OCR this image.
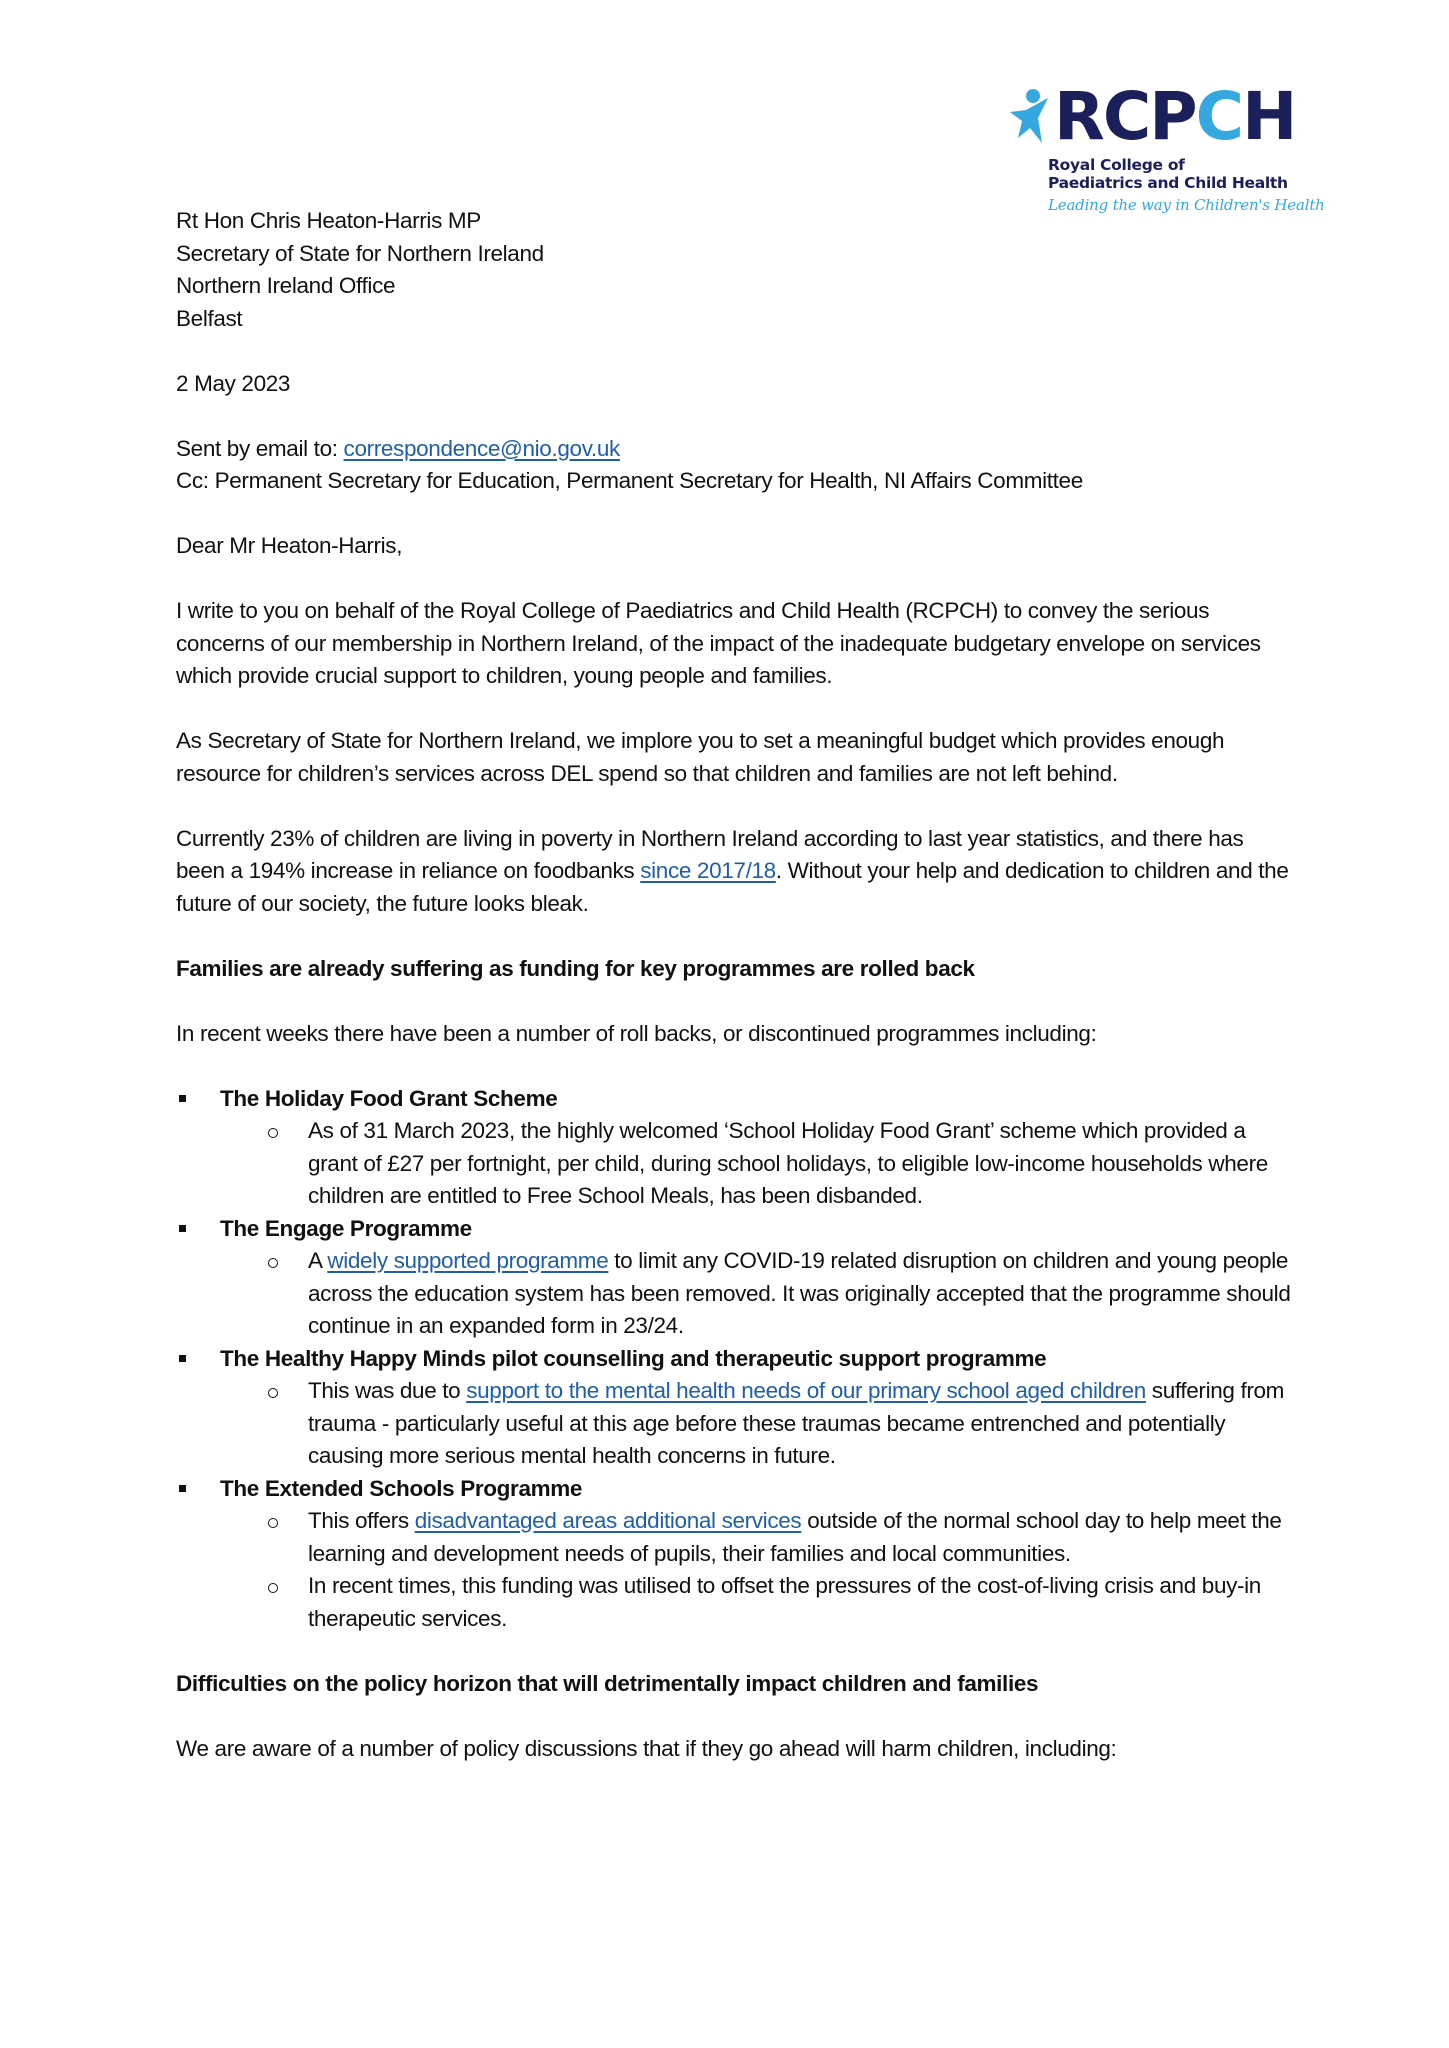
RCPCH
Royal College of
Paediatrics and Child Health
Leading the way in Children's Health
Rt Hon Chris Heaton-Harris MP
Secretary of State for Northern Ireland
Northern Ireland Office
Belfast

2 May 2023

Sent by email to: correspondence@nio.gov.uk

Cc: Permanent Secretary for Education, Permanent Secretary for Health, NI Affairs Committee

Dear Mr Heaton-Harris,

I write to you on behalf of the Royal College of Paediatrics and Child Health (RCPCH) to convey the serious concerns of our membership in Northern Ireland, of the impact of the inadequate budgetary envelope on services which provide crucial support to children, young people and families.

As Secretary of State for Northern Ireland, we implore you to set a meaningful budget which provides enough resource for children’s services across DEL spend so that children and families are not left behind.

Currently 23% of children are living in poverty in Northern Ireland according to last year statistics, and there has been a 194% increase in reliance on foodbanks since 2017/18. Without your help and dedication to children and the future of our society, the future looks bleak.

Families are already suffering as funding for key programmes are rolled back

In recent weeks there have been a number of roll backs, or discontinued programmes including:

The Holiday Food Grant Scheme
As of 31 March 2023, the highly welcomed ‘School Holiday Food Grant’ scheme which provided a grant of £27 per fortnight, per child, during school holidays, to eligible low-income households where children are entitled to Free School Meals, has been disbanded.
The Engage Programme
A widely supported programme to limit any COVID-19 related disruption on children and young people across the education system has been removed. It was originally accepted that the programme should continue in an expanded form in 23/24.
The Healthy Happy Minds pilot counselling and therapeutic support programme
This was due to support to the mental health needs of our primary school aged children suffering from trauma - particularly useful at this age before these traumas became entrenched and potentially causing more serious mental health concerns in future.
The Extended Schools Programme
This offers disadvantaged areas additional services outside of the normal school day to help meet the learning and development needs of pupils, their families and local communities.
In recent times, this funding was utilised to offset the pressures of the cost-of-living crisis and buy-in therapeutic services.

Difficulties on the policy horizon that will detrimentally impact children and families

We are aware of a number of policy discussions that if they go ahead will harm children, including:
